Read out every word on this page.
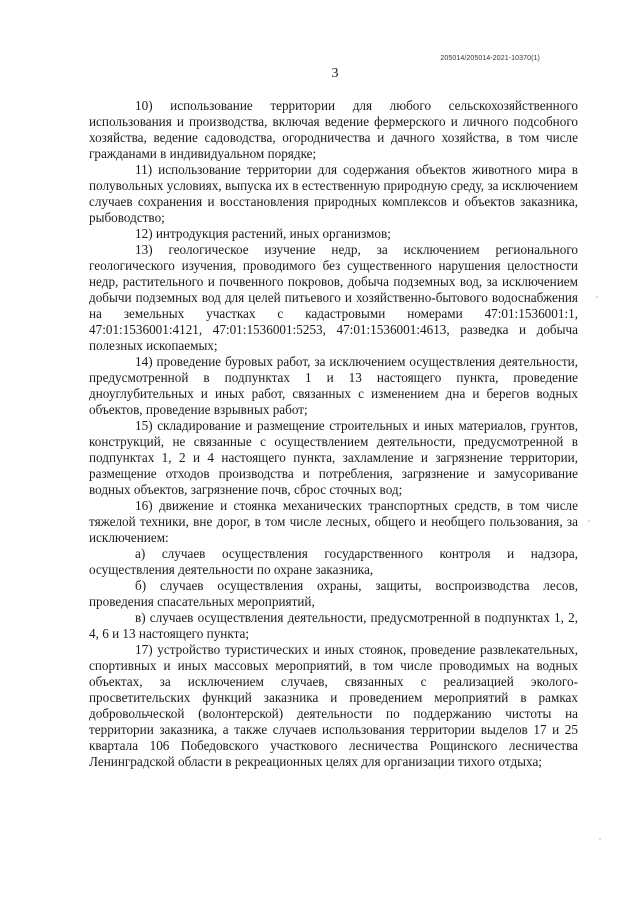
205014/205014-2021-10370(1)
3

10) использование территории для любого сельскохозяйственного использования и производства, включая ведение фермерского и личного подсобного хозяйства, ведение садоводства, огородничества и дачного хозяйства, в том числе гражданами в индивидуальном порядке;

11) использование территории для содержания объектов животного мира в полувольных условиях, выпуска их в естественную природную среду, за исключением случаев сохранения и восстановления природных комплексов и объектов заказника, рыбоводство;

12) интродукция растений, иных организмов;

13) геологическое изучение недр, за исключением регионального геологического изучения, проводимого без существенного нарушения целостности недр, растительного и почвенного покровов, добыча подземных вод, за исключением добычи подземных вод для целей питьевого и хозяйственно-бытового водоснабжения на земельных участках с кадастровыми номерами 47:01:1536001:1, 47:01:1536001:4121, 47:01:1536001:5253, 47:01:1536001:4613, разведка и добыча полезных ископаемых;

14) проведение буровых работ, за исключением осуществления деятельности, предусмотренной в подпунктах 1 и 13 настоящего пункта, проведение дноуглубительных и иных работ, связанных с изменением дна и берегов водных объектов, проведение взрывных работ;

15) складирование и размещение строительных и иных материалов, грунтов, конструкций, не связанные с осуществлением деятельности, предусмотренной в подпунктах 1, 2 и 4 настоящего пункта, захламление и загрязнение территории, размещение отходов производства и потребления, загрязнение и замусоривание водных объектов, загрязнение почв, сброс сточных вод;

16) движение и стоянка механических транспортных средств, в том числе тяжелой техники, вне дорог, в том числе лесных, общего и необщего пользования, за исключением:

а) случаев осуществления государственного контроля и надзора, осуществления деятельности по охране заказника,

б) случаев осуществления охраны, защиты, воспроизводства лесов, проведения спасательных мероприятий,

в) случаев осуществления деятельности, предусмотренной в подпунктах 1, 2, 4, 6 и 13 настоящего пункта;

17) устройство туристических и иных стоянок, проведение развлекательных, спортивных и иных массовых мероприятий, в том числе проводимых на водных объектах, за исключением случаев, связанных с реализацией эколого-просветительских функций заказника и проведением мероприятий в рамках добровольческой (волонтерской) деятельности по поддержанию чистоты на территории заказника, а также случаев использования территории выделов 17 и 25 квартала 106 Победовского участкового лесничества Рощинского лесничества Ленинградской области в рекреационных целях для организации тихого отдыха;
